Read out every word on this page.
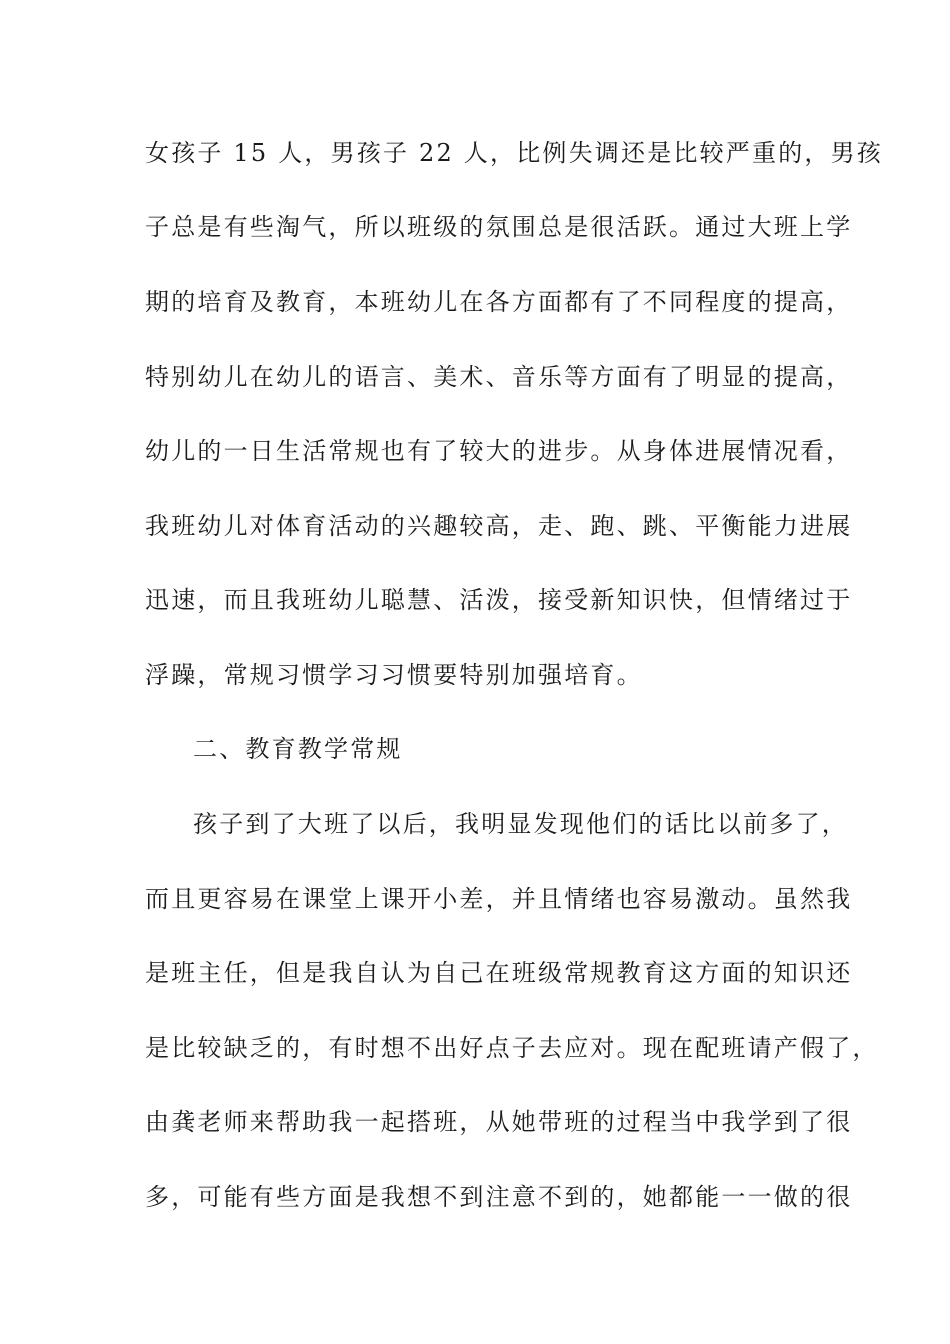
女孩子 15 人，男孩子 22 人，比例失调还是比较严重的，男孩
子总是有些淘气，所以班级的氛围总是很活跃。通过大班上学
期的培育及教育，本班幼儿在各方面都有了不同程度的提高，
特别幼儿在幼儿的语言、美术、音乐等方面有了明显的提高，
幼儿的一日生活常规也有了较大的进步。从身体进展情况看，
我班幼儿对体育活动的兴趣较高，走、跑、跳、平衡能力进展
迅速，而且我班幼儿聪慧、活泼，接受新知识快，但情绪过于
浮躁，常规习惯学习习惯要特别加强培育。
二、教育教学常规
孩子到了大班了以后，我明显发现他们的话比以前多了，
而且更容易在课堂上课开小差，并且情绪也容易激动。虽然我
是班主任，但是我自认为自己在班级常规教育这方面的知识还
是比较缺乏的，有时想不出好点子去应对。现在配班请产假了，
由龚老师来帮助我一起搭班，从她带班的过程当中我学到了很
多，可能有些方面是我想不到注意不到的，她都能一一做的很
